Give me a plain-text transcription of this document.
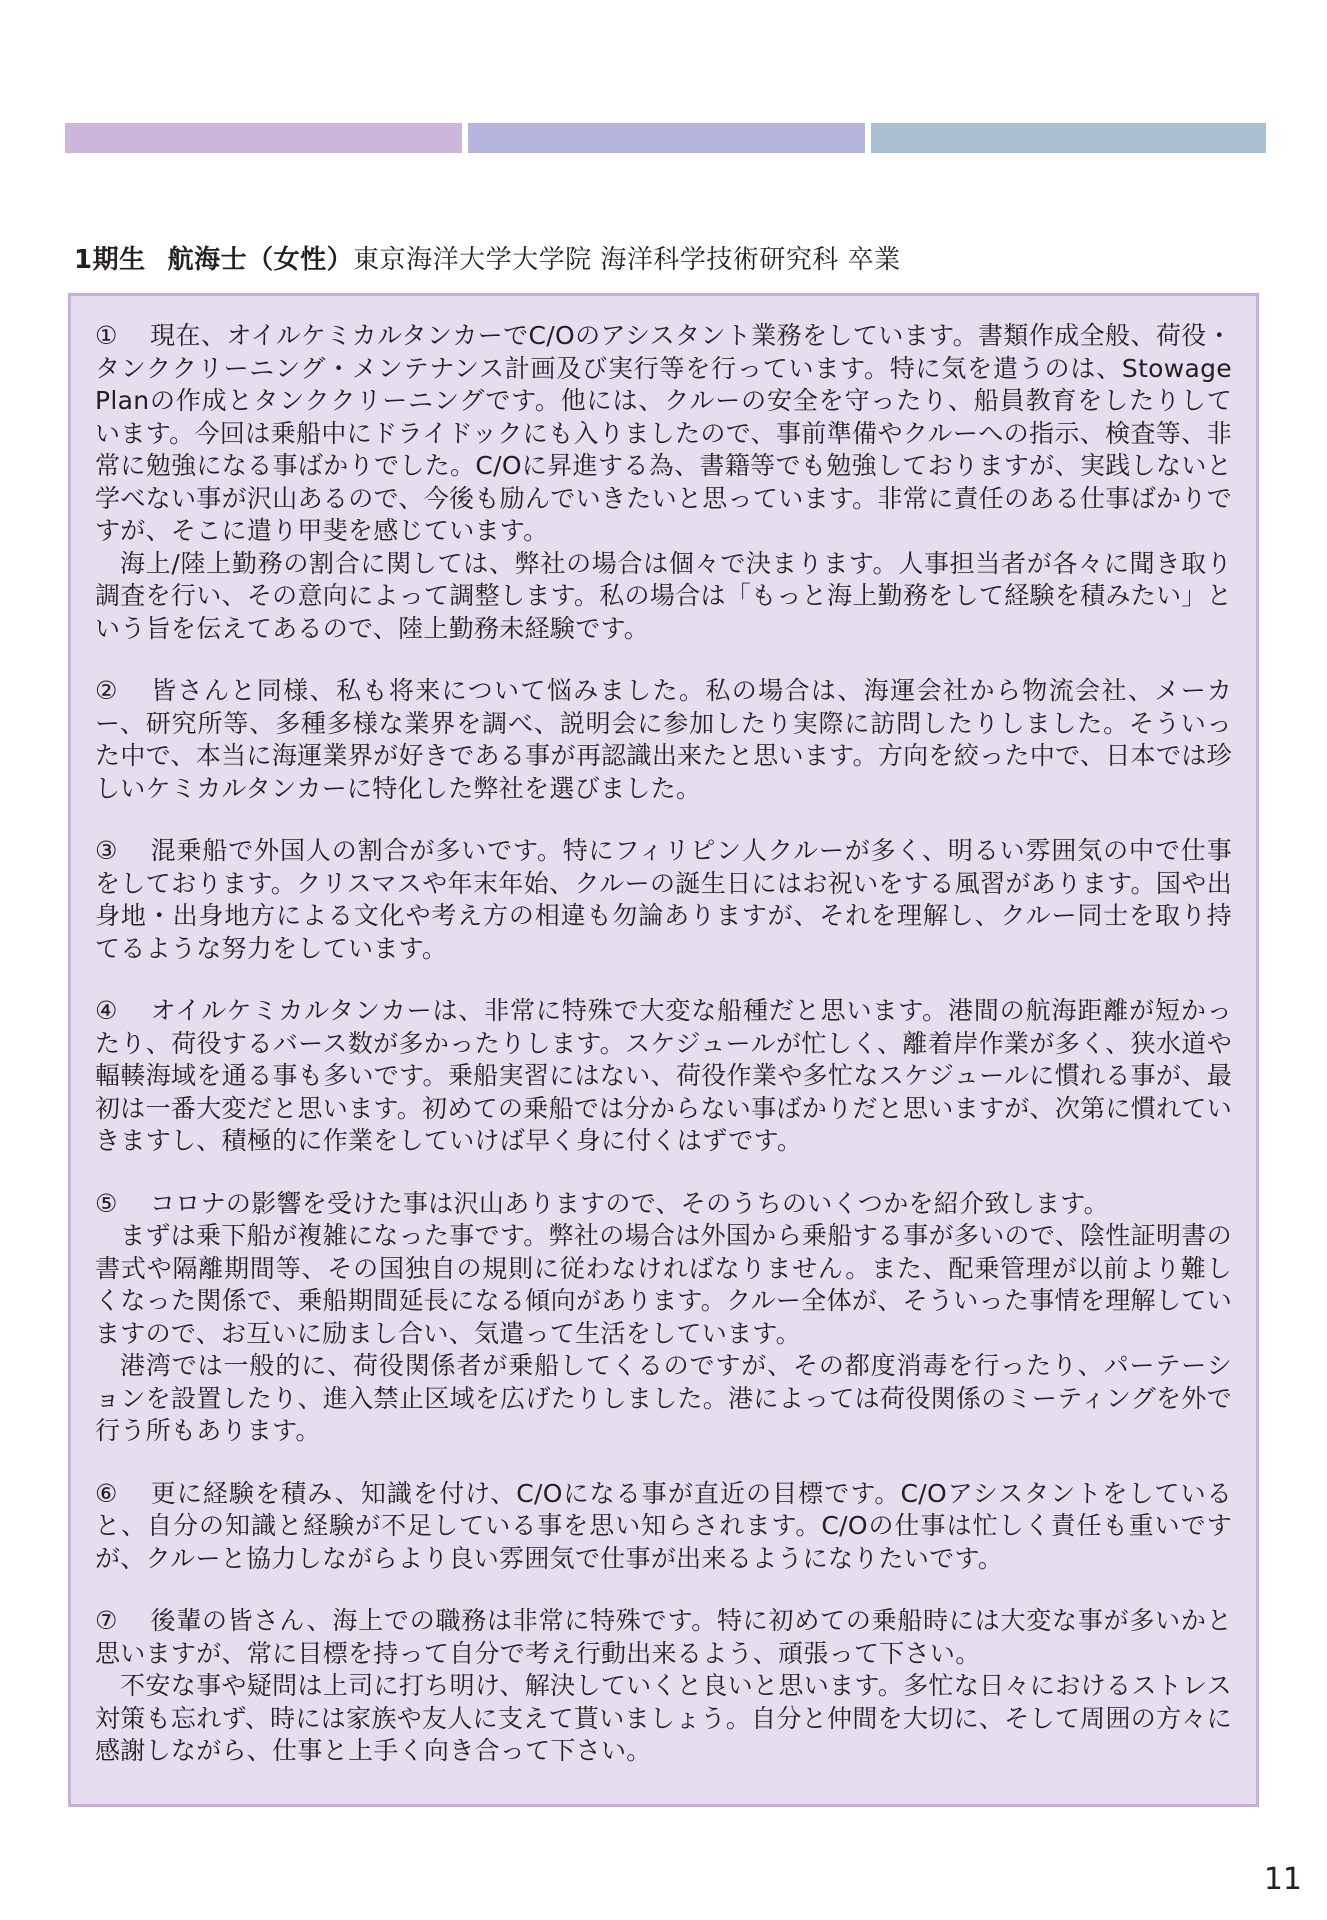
1期生 航海士（女性）東京海洋大学大学院 海洋科学技術研究科 卒業

① 現在、オイルケミカルタンカーでC/Oのアシスタント業務をしています。書類作成全般、荷役・タンククリーニング・メンテナンス計画及び実行等を行っています。特に気を遣うのは、Stowage Planの作成とタンククリーニングです。他には、クルーの安全を守ったり、船員教育をしたりしています。今回は乗船中にドライドックにも入りましたので、事前準備やクルーへの指示、検査等、非常に勉強になる事ばかりでした。C/Oに昇進する為、書籍等でも勉強しておりますが、実践しないと学べない事が沢山あるので、今後も励んでいきたいと思っています。非常に責任のある仕事ばかりですが、そこに遣り甲斐を感じています。

海上/陸上勤務の割合に関しては、弊社の場合は個々で決まります。人事担当者が各々に聞き取り調査を行い、その意向によって調整します。私の場合は「もっと海上勤務をして経験を積みたい」という旨を伝えてあるので、陸上勤務未経験です。

② 皆さんと同様、私も将来について悩みました。私の場合は、海運会社から物流会社、メーカー、研究所等、多種多様な業界を調べ、説明会に参加したり実際に訪問したりしました。そういった中で、本当に海運業界が好きである事が再認識出来たと思います。方向を絞った中で、日本では珍しいケミカルタンカーに特化した弊社を選びました。

③ 混乗船で外国人の割合が多いです。特にフィリピン人クルーが多く、明るい雰囲気の中で仕事をしております。クリスマスや年末年始、クルーの誕生日にはお祝いをする風習があります。国や出身地・出身地方による文化や考え方の相違も勿論ありますが、それを理解し、クルー同士を取り持てるような努力をしています。

④ オイルケミカルタンカーは、非常に特殊で大変な船種だと思います。港間の航海距離が短かったり、荷役するバース数が多かったりします。スケジュールが忙しく、離着岸作業が多く、狭水道や輻輳海域を通る事も多いです。乗船実習にはない、荷役作業や多忙なスケジュールに慣れる事が、最初は一番大変だと思います。初めての乗船では分からない事ばかりだと思いますが、次第に慣れていきますし、積極的に作業をしていけば早く身に付くはずです。

⑤ コロナの影響を受けた事は沢山ありますので、そのうちのいくつかを紹介致します。

まずは乗下船が複雑になった事です。弊社の場合は外国から乗船する事が多いので、陰性証明書の書式や隔離期間等、その国独自の規則に従わなければなりません。また、配乗管理が以前より難しくなった関係で、乗船期間延長になる傾向があります。クルー全体が、そういった事情を理解していますので、お互いに励まし合い、気遣って生活をしています。

港湾では一般的に、荷役関係者が乗船してくるのですが、その都度消毒を行ったり、パーテーションを設置したり、進入禁止区域を広げたりしました。港によっては荷役関係のミーティングを外で行う所もあります。

⑥ 更に経験を積み、知識を付け、C/Oになる事が直近の目標です。C/Oアシスタントをしていると、自分の知識と経験が不足している事を思い知らされます。C/Oの仕事は忙しく責任も重いですが、クルーと協力しながらより良い雰囲気で仕事が出来るようになりたいです。

⑦ 後輩の皆さん、海上での職務は非常に特殊です。特に初めての乗船時には大変な事が多いかと思いますが、常に目標を持って自分で考え行動出来るよう、頑張って下さい。

不安な事や疑問は上司に打ち明け、解決していくと良いと思います。多忙な日々におけるストレス対策も忘れず、時には家族や友人に支えて貰いましょう。自分と仲間を大切に、そして周囲の方々に感謝しながら、仕事と上手く向き合って下さい。

11
